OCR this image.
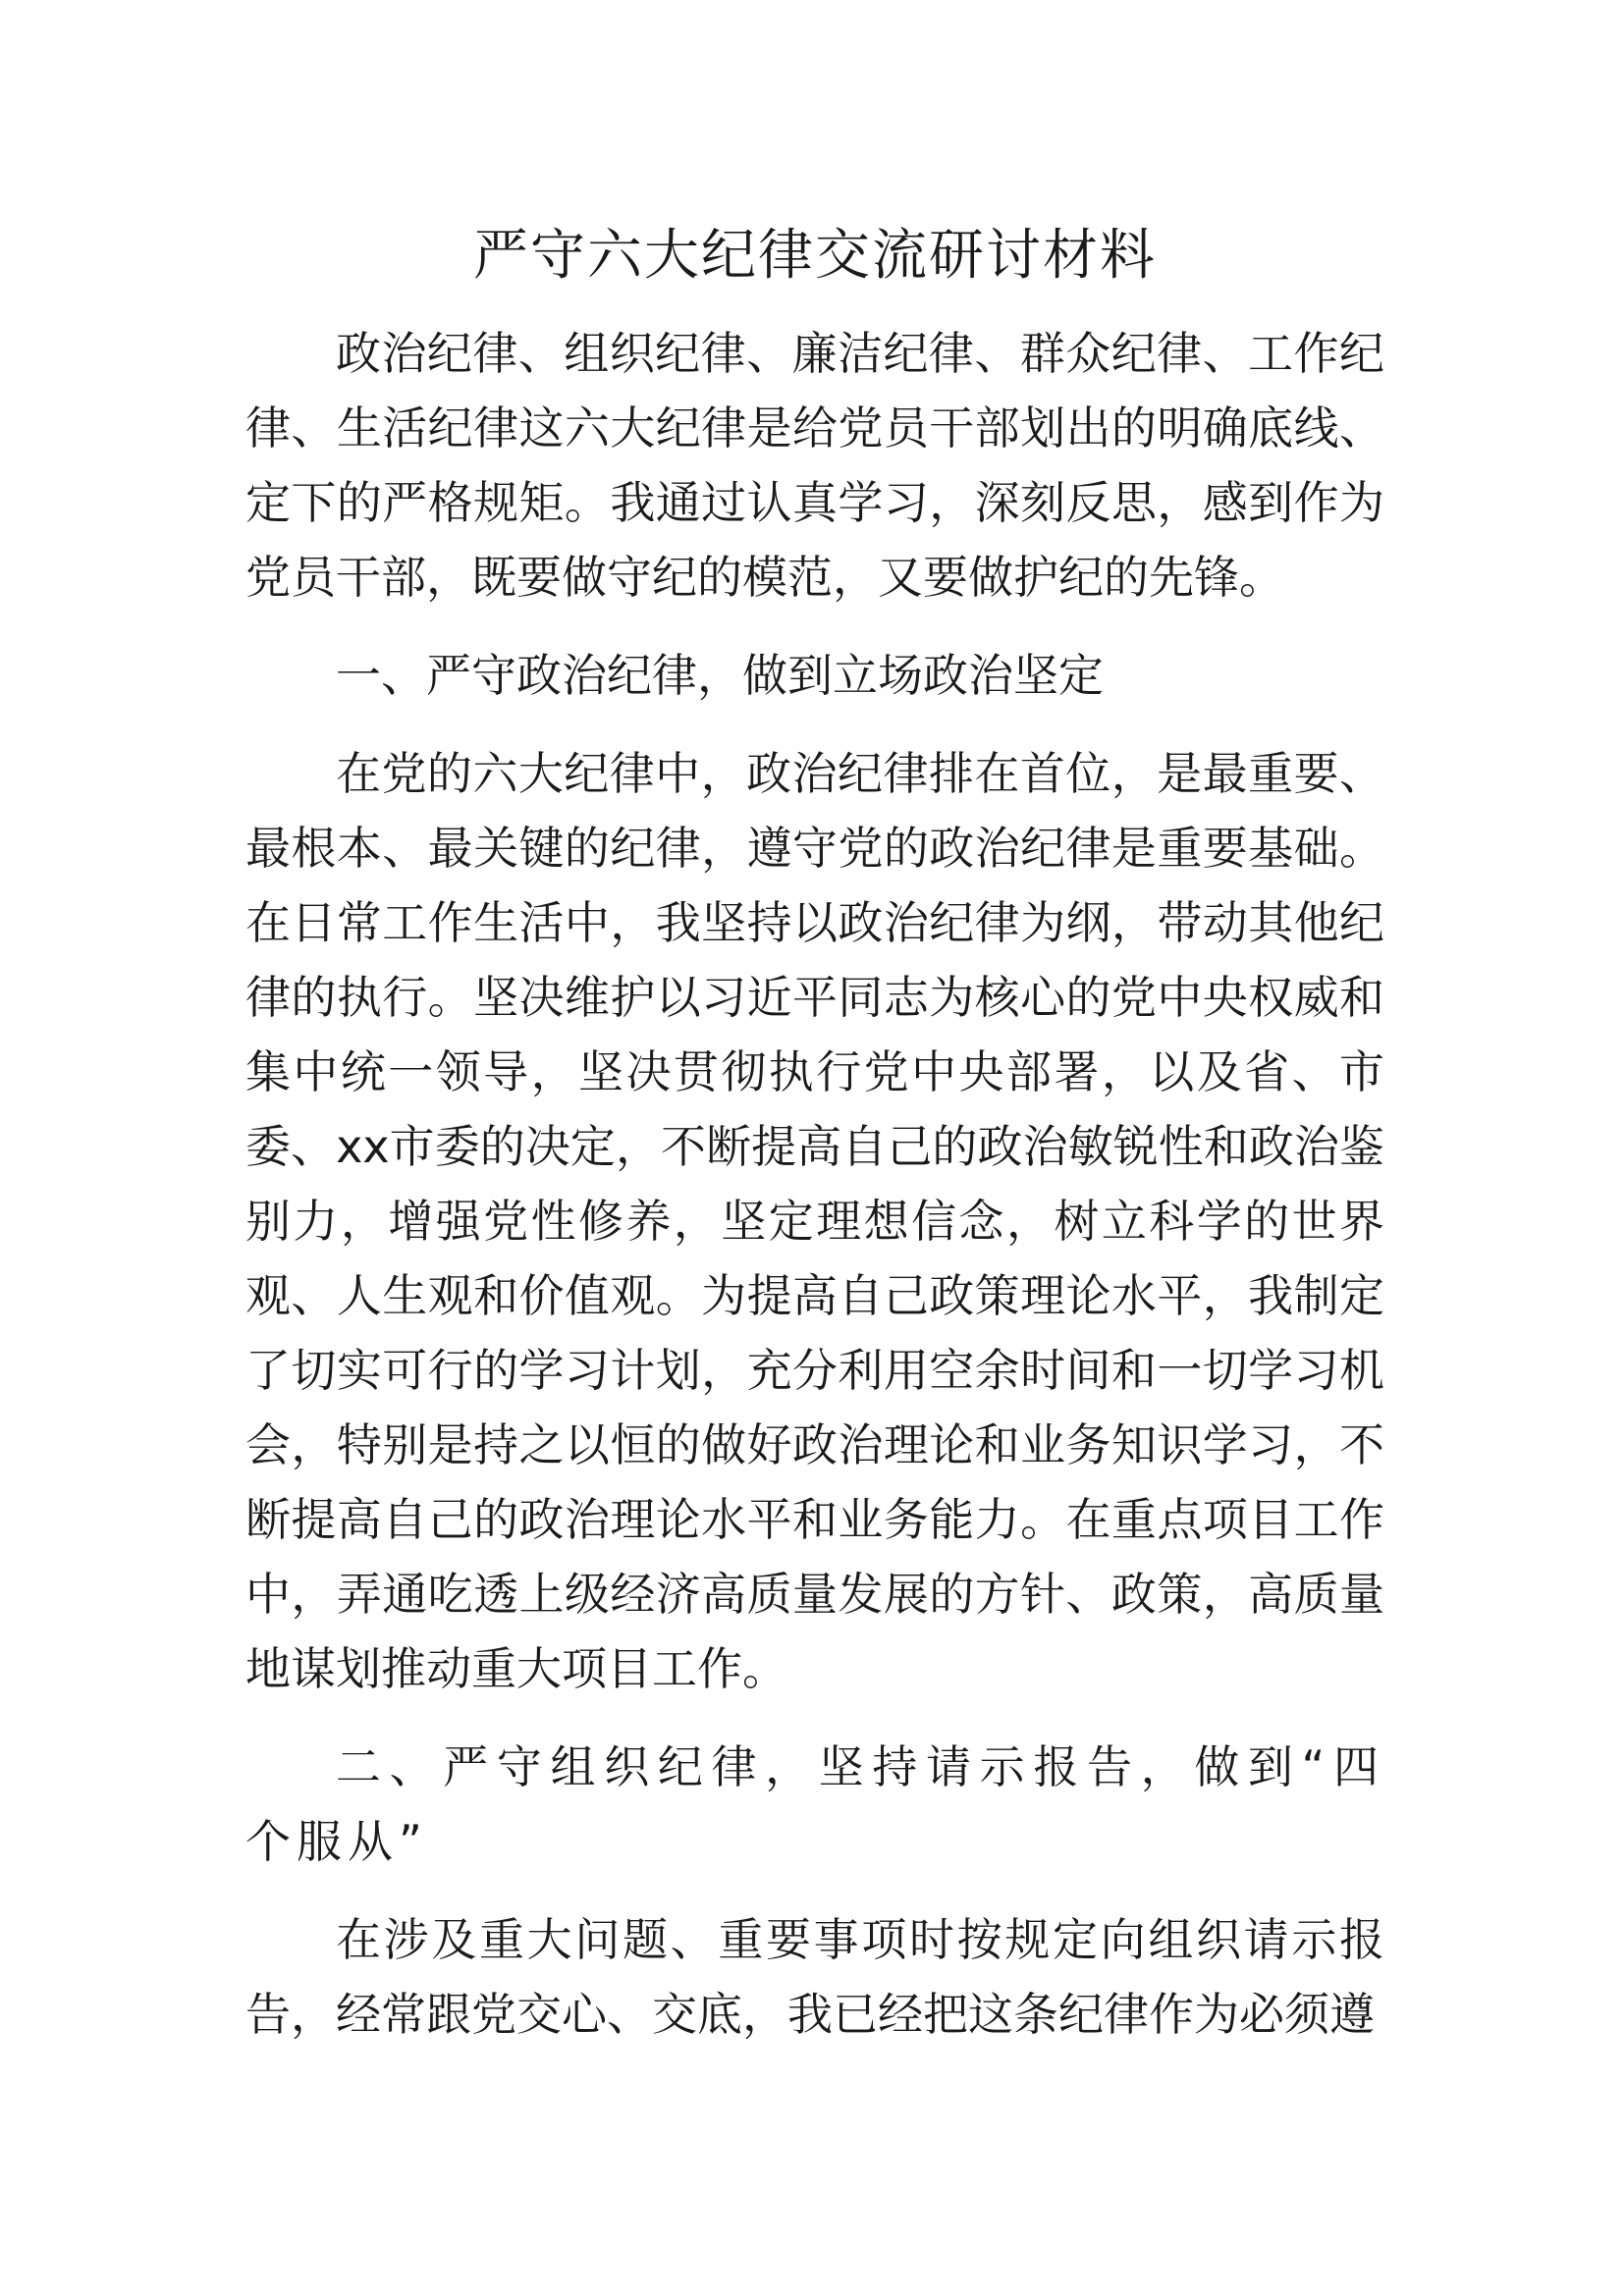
严守六大纪律交流研讨材料

政治纪律、组织纪律、廉洁纪律、群众纪律、工作纪律、生活纪律这六大纪律是给党员干部划出的明确底线、定下的严格规矩。我通过认真学习，深刻反思，感到作为党员干部，既要做守纪的模范，又要做护纪的先锋。

一、严守政治纪律，做到立场政治坚定

在党的六大纪律中，政治纪律排在首位，是最重要、最根本、最关键的纪律，遵守党的政治纪律是重要基础。在日常工作生活中，我坚持以政治纪律为纲，带动其他纪律的执行。坚决维护以习近平同志为核心的党中央权威和集中统一领导，坚决贯彻执行党中央部署，以及省、市委、xx市委的决定，不断提高自己的政治敏锐性和政治鉴别力，增强党性修养，坚定理想信念，树立科学的世界观、人生观和价值观。为提高自己政策理论水平，我制定了切实可行的学习计划，充分利用空余时间和一切学习机会，特别是持之以恒的做好政治理论和业务知识学习，不断提高自己的政治理论水平和业务能力。在重点项目工作中，弄通吃透上级经济高质量发展的方针、政策，高质量地谋划推动重大项目工作。

二、严守组织纪律，坚持请示报告，做到“四个服从”

在涉及重大问题、重要事项时按规定向组织请示报告，经常跟党交心、交底，我已经把这条纪律作为必须遵
